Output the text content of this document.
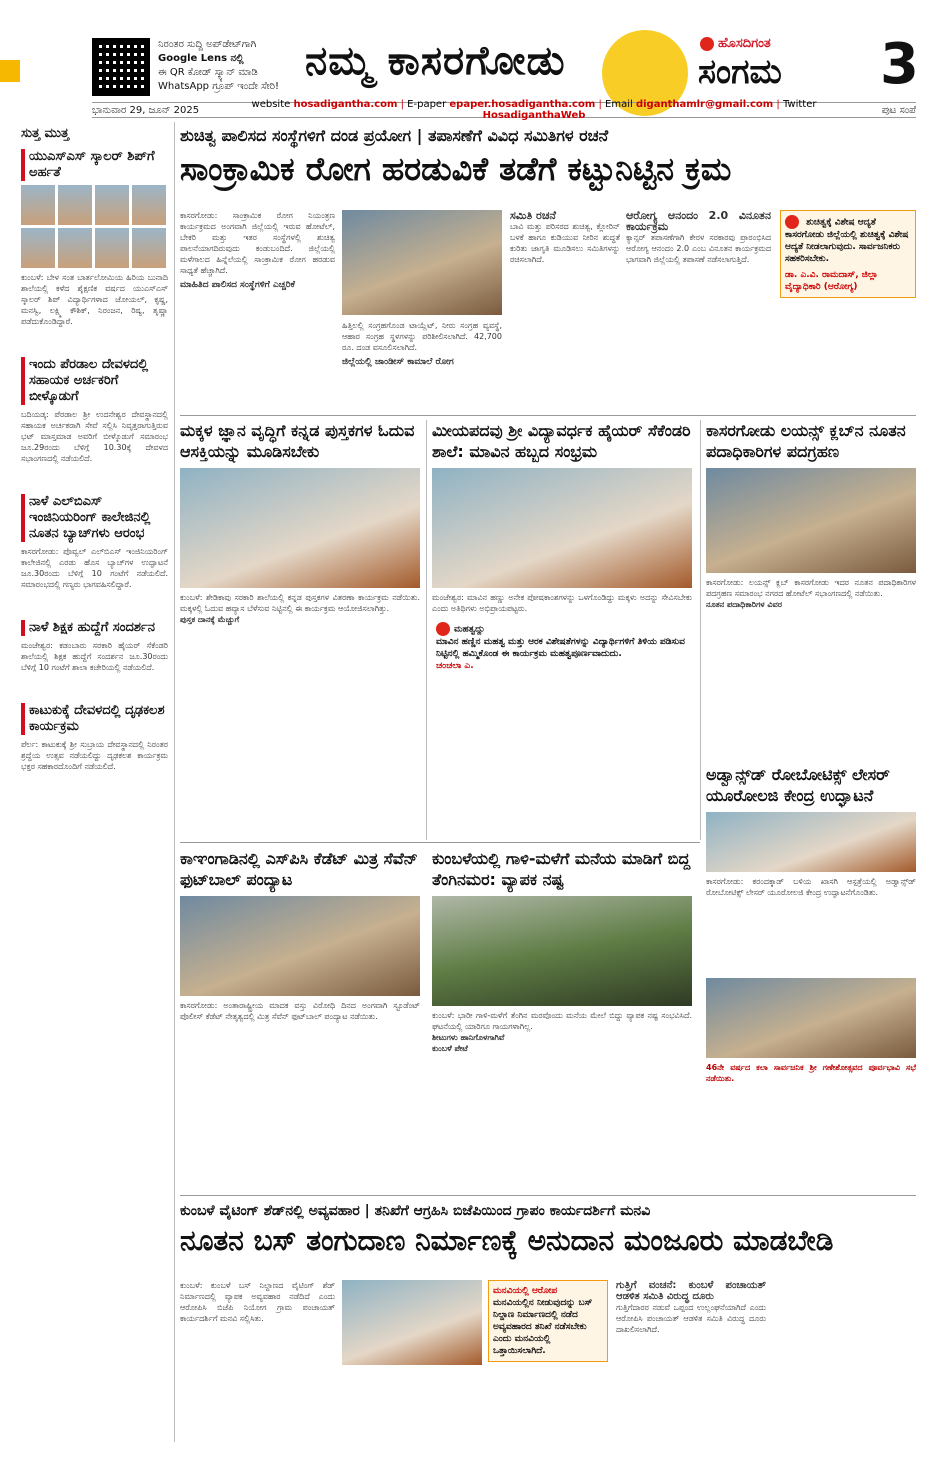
ನಿರಂತರ ಸುದ್ದಿ ಅಪ್‌ಡೇಟ್‌ಗಾಗಿ
Google Lens ನಲ್ಲಿ
ಈ QR ಕೋಡ್ ಸ್ಕ್ಯಾನ್ ಮಾಡಿ
WhatsApp ಗ್ರೂಪ್ ಇಂದೇ ಸೇರಿ!
ನಮ್ಮ ಕಾಸರಗೋಡು	ಹೊಸದಿಗಂತ
ಸಂಗಮ 3
ಭಾನುವಾರ 29, ಜೂನ್ 2025	website hosadigantha.com | E-paper epaper.hosadigantha.com | Email diganthamlr@gmail.com | Twitter HosadiganthaWeb	ಪುಟ ಸಂಪೆ
ಸುತ್ತ ಮುತ್ತ
ಯುಎಸ್‌ಎಸ್ ಸ್ಕಾಲರ್ ಶಿಪ್‌ಗೆ ಅರ್ಹತೆ
ಕುಂಬಳೆ: ಬೇಳ ಸಂತ ಬಾರ್ತಲೋಮಿಯ ಹಿರಿಯ ಬುನಾದಿ ಶಾಲೆಯಲ್ಲಿ ಕಳೆದ ಶೈಕ್ಷಣಿಕ ವರ್ಷದ ಯುಎಸ್‌ಎಸ್ ಸ್ಕಾಲರ್ ಶಿಪ್ ವಿದ್ಯಾರ್ಥಿಗಳಾದ ಜೋಯಲ್, ಕೃಷ್ಣ, ಮನಸ್ವಿ, ಲಕ್ಷ್ಮಿ ಕೌಶಿಕ್, ನಿರಂಜನ, ರಿಷ್ಯ, ತೃಷ್ಣಾ ಪಡೆದುಕೊಂಡಿದ್ದಾರೆ.
ಇಂದು ಪೆರಡಾಲ ದೇವಳದಲ್ಲಿ ಸಹಾಯಕ ಅರ್ಚಕರಿಗೆ ಬೀಳ್ಕೊಡುಗೆ
ಬದಿಯಡ್ಕ: ಪೆರಡಾಲ ಶ್ರೀ ಉದನೇಶ್ವರ ದೇವಸ್ಥಾನದಲ್ಲಿ ಸಹಾಯಕ ಅರ್ಚಕರಾಗಿ ಸೇವೆ ಸಲ್ಲಿಸಿ ನಿವೃತ್ತರಾಗುತ್ತಿರುವ ಭಟ್ ಮಾಸ್ತಮಾಡ ಅವರಿಗೆ ಬೀಳ್ಕೊಡುಗೆ ಸಮಾರಂಭ ಜೂ.29ರಂದು ಬೆಳಿಗ್ಗೆ 10.30ಕ್ಕೆ ದೇವಳದ ಸಭಾಂಗಣದಲ್ಲಿ ನಡೆಯಲಿದೆ.
ನಾಳೆ ಎಲ್‌ಬಿಎಸ್ ಇಂಜಿನಿಯರಿಂಗ್ ಕಾಲೇಜಿನಲ್ಲಿ ನೂತನ ಬ್ಯಾಚ್‌ಗಳು ಆರಂಭ
ಕಾಸರಗೋಡು: ಪೊವ್ವಲ್ ಎಲ್‌ಬಿಎಸ್ ಇಂಜಿನಿಯರಿಂಗ್ ಕಾಲೇಜಿನಲ್ಲಿ ಎರಡು ಹೊಸ ಬ್ಯಾಚ್‌ಗಳ ಉದ್ಘಾಟನೆ ಜೂ.30ರಂದು ಬೆಳಿಗ್ಗೆ 10 ಗಂಟೆಗೆ ನಡೆಯಲಿದೆ. ಸಮಾರಂಭದಲ್ಲಿ ಗಣ್ಯರು ಭಾಗವಹಿಸಲಿದ್ದಾರೆ.
ನಾಳೆ ಶಿಕ್ಷಕ ಹುದ್ದೆಗೆ ಸಂದರ್ಶನ
ಮಂಜೇಶ್ವರ: ಕಡಂಬಾರು ಸರಕಾರಿ ಹೈಯರ್ ಸೆಕೆಂಡರಿ ಶಾಲೆಯಲ್ಲಿ ಶಿಕ್ಷಕ ಹುದ್ದೆಗೆ ಸಂದರ್ಶನ ಜೂ.30ರಂದು ಬೆಳಿಗ್ಗೆ 10 ಗಂಟೆಗೆ ಶಾಲಾ ಕಚೇರಿಯಲ್ಲಿ ನಡೆಯಲಿದೆ.
ಕಾಟುಕುಕ್ಕೆ ದೇವಳದಲ್ಲಿ ದೃಢಕಲಶ ಕಾರ್ಯಕ್ರಮ
ಪೆರ್ಲ: ಕಾಟುಕುಕ್ಕೆ ಶ್ರೀ ಸುಬ್ರಾಯ ದೇವಸ್ಥಾನದಲ್ಲಿ ನಿರಂತರ ಶ್ರದ್ಧೆಯ ಉತ್ಸವ ನಡೆಯಲಿದ್ದು ದೃಢಕಲಶ ಕಾರ್ಯಕ್ರಮ ಭಕ್ತರ ಸಹಕಾರದೊಂದಿಗೆ ನಡೆಯಲಿದೆ.
ಶುಚಿತ್ವ ಪಾಲಿಸದ ಸಂಸ್ಥೆಗಳಿಗೆ ದಂಡ ಪ್ರಯೋಗ | ತಪಾಸಣೆಗೆ ವಿವಿಧ ಸಮಿತಿಗಳ ರಚನೆ
ಸಾಂಕ್ರಾಮಿಕ ರೋಗ ಹರಡುವಿಕೆ ತಡೆಗೆ ಕಟ್ಟುನಿಟ್ಟಿನ ಕ್ರಮ
ಕಾಸರಗೋಡು: ಸಾಂಕ್ರಾಮಿಕ ರೋಗ ನಿಯಂತ್ರಣ ಕಾರ್ಯಕ್ರಮದ ಅಂಗವಾಗಿ ಜಿಲ್ಲೆಯಲ್ಲಿ ಇರುವ ಹೋಟೆಲ್, ಬೇಕರಿ ಮತ್ತು ಇತರ ಸಂಸ್ಥೆಗಳಲ್ಲಿ ಶುಚಿತ್ವ ಪಾಲನೆಯಾಗದಿರುವುದು ಕಂಡುಬಂದಿದೆ. ಜಿಲ್ಲೆಯಲ್ಲಿ ಮಳೆಗಾಲದ ಹಿನ್ನೆಲೆಯಲ್ಲಿ ಸಾಂಕ್ರಾಮಿಕ ರೋಗ ಹರಡುವ ಸಾಧ್ಯತೆ ಹೆಚ್ಚಾಗಿದೆ.
ಮಾಹಿತಿದ ಪಾಲಿಸದ ಸಂಸ್ಥೆಗಳಿಗೆ ಎಚ್ಚರಿಕೆ
ಹಿತ್ತಿಲಲ್ಲಿ ಸಂಗ್ರಹಗೊಂಡ ಟಾಯ್ಲೆಟ್, ನೀರು ಸಂಗ್ರಹ ವ್ಯವಸ್ಥೆ, ಆಹಾರ ಸಂಗ್ರಹ ಸ್ಥಳಗಳನ್ನು ಪರಿಶೀಲಿಸಲಾಗಿದೆ. 42,700 ರೂ. ದಂಡ ವಸೂಲಿಸಲಾಗಿದೆ.
ಜಿಲ್ಲೆಯಲ್ಲಿ ಜಾಂಡೀಸ್ ಕಾಮಾಲೆ ರೋಗ
ಸಮಿತಿ ರಚನೆ
ಬಾವಿ ಮತ್ತು ಪರಿಸರದ ಶುಚಿತ್ವ, ಕ್ಲೋರಿನ್ ಬಳಕೆ ಹಾಗೂ ಕುಡಿಯುವ ನೀರಿನ ಶುದ್ಧತೆ ಕುರಿತು ಜಾಗೃತಿ ಮೂಡಿಸಲು ಸಮಿತಿಗಳನ್ನು ರಚಿಸಲಾಗಿದೆ.
ಆರೋಗ್ಯ ಆನಂದಂ 2.0 ವಿನೂತನ ಕಾರ್ಯಕ್ರಮ
ಕ್ಯಾನ್ಸರ್ ತಪಾಸಣೆಗಾಗಿ ಕೇರಳ ಸರಕಾರವು ಪ್ರಾರಂಭಿಸಿದ ಆರೋಗ್ಯ ಆನಂದಂ 2.0 ಎಂಬ ವಿನೂತನ ಕಾರ್ಯಕ್ರಮದ ಭಾಗವಾಗಿ ಜಿಲ್ಲೆಯಲ್ಲಿ ತಪಾಸಣೆ ನಡೆಸಲಾಗುತ್ತಿದೆ.
ಶುಚಿತ್ವಕ್ಕೆ ವಿಶೇಷ ಆದ್ಯತೆ ಕಾಸರಗೋಡು ಜಿಲ್ಲೆಯಲ್ಲಿ ಶುಚಿತ್ವಕ್ಕೆ ವಿಶೇಷ ಆದ್ಯತೆ ನೀಡಲಾಗುವುದು. ಸಾರ್ವಜನಿಕರು ಸಹಕರಿಸಬೇಕು.
ಡಾ. ಎ.ವಿ. ರಾಮದಾಸ್, ಜಿಲ್ಲಾ ವೈದ್ಯಾಧಿಕಾರಿ (ಆರೋಗ್ಯ)
ಮಕ್ಕಳ ಜ್ಞಾನ ವೃದ್ಧಿಗೆ ಕನ್ನಡ ಪುಸ್ತಕಗಳ ಓದುವ ಆಸಕ್ತಿಯನ್ನು ಮೂಡಿಸಬೇಕು
ಕುಂಬಳೆ: ಶೇಡಿಕಾವು ಸರಕಾರಿ ಶಾಲೆಯಲ್ಲಿ ಕನ್ನಡ ಪುಸ್ತಕಗಳ ವಿತರಣಾ ಕಾರ್ಯಕ್ರಮ ನಡೆಯಿತು. ಮಕ್ಕಳಲ್ಲಿ ಓದುವ ಹವ್ಯಾಸ ಬೆಳೆಸುವ ನಿಟ್ಟಿನಲ್ಲಿ ಈ ಕಾರ್ಯಕ್ರಮ ಆಯೋಜಿಸಲಾಗಿತ್ತು.
ಪುಸ್ತಕ ದಾನಕ್ಕೆ ಮೆಚ್ಚುಗೆ
ಮೀಯಪದವು ಶ್ರೀ ವಿದ್ಯಾವರ್ಧಕ ಹೈಯರ್ ಸೆಕೆಂಡರಿ ಶಾಲೆ: ಮಾವಿನ ಹಬ್ಬದ ಸಂಭ್ರಮ
ಮಂಜೇಶ್ವರ: ಮಾವಿನ ಹಣ್ಣು ಅನೇಕ ಪೋಷಕಾಂಶಗಳನ್ನು ಒಳಗೊಂಡಿದ್ದು ಮಕ್ಕಳು ಅದನ್ನು ಸೇವಿಸಬೇಕು ಎಂದು ಅತಿಥಿಗಳು ಅಭಿಪ್ರಾಯಪಟ್ಟರು.
ಮಹತ್ವದ್ದು
ಮಾವಿನ ಹಣ್ಣಿನ ಮಹತ್ವ ಮತ್ತು ಆರಕ ವಿಶೇಷತೆಗಳನ್ನು ವಿದ್ಯಾರ್ಥಿಗಳಿಗೆ ತಿಳಿಯ ಪಡಿಸುವ ನಿಟ್ಟಿನಲ್ಲಿ ಹಮ್ಮಿಕೊಂಡ ಈ ಕಾರ್ಯಕ್ರಮ ಮಹತ್ವಪೂರ್ಣವಾದುದು.
ಚಂಚಲಾ ಎ.
ಕಾಸರಗೋಡು ಲಯನ್ಸ್ ಕ್ಲಬ್‌ನ ನೂತನ ಪದಾಧಿಕಾರಿಗಳ ಪದಗ್ರಹಣ
ಕಾಸರಗೋಡು: ಲಯನ್ಸ್ ಕ್ಲಬ್ ಕಾಸರಗೋಡು ಇದರ ನೂತನ ಪದಾಧಿಕಾರಿಗಳ ಪದಗ್ರಹಣ ಸಮಾರಂಭ ನಗರದ ಹೋಟೆಲ್ ಸಭಾಂಗಣದಲ್ಲಿ ನಡೆಯಿತು.
ನೂತನ ಪದಾಧಿಕಾರಿಗಳ ವಿವರ
ಕಾಞಂಗಾಡಿನಲ್ಲಿ ಎಸ್‌ಪಿಸಿ ಕೆಡೆಟ್ ಮಿತ್ರ ಸೆವೆನ್ ಫುಟ್‌ಬಾಲ್ ಪಂದ್ಯಾಟ
ಕಾಸರಗೋಡು: ಅಂತಾರಾಷ್ಟ್ರೀಯ ಮಾದಕ ವಸ್ತು ವಿರೋಧಿ ದಿನದ ಅಂಗವಾಗಿ ಸ್ಟೂಡೆಂಟ್ ಪೊಲೀಸ್ ಕೆಡೆಟ್ ನೇತೃತ್ವದಲ್ಲಿ ಮಿತ್ರ ಸೆವೆನ್ ಫುಟ್‌ಬಾಲ್ ಪಂದ್ಯಾಟ ನಡೆಯಿತು.
ಕುಂಬಳೆಯಲ್ಲಿ ಗಾಳಿ-ಮಳೆಗೆ ಮನೆಯ ಮಾಡಿಗೆ ಬಿದ್ದ ತೆಂಗಿನಮರ: ವ್ಯಾಪಕ ನಷ್ಟ
ಕುಂಬಳೆ: ಭಾರೀ ಗಾಳಿ-ಮಳೆಗೆ ತೆಂಗಿನ ಮರವೊಂದು ಮನೆಯ ಮೇಲೆ ಬಿದ್ದು ವ್ಯಾಪಕ ನಷ್ಟ ಸಂಭವಿಸಿದೆ. ಘಟನೆಯಲ್ಲಿ ಯಾರಿಗೂ ಗಾಯಗಳಾಗಿಲ್ಲ.
ಶೀಟುಗಳು ಹಾನಿಗೊಳಗಾಗಿವೆ
ಕುಂಬಳೆ ಪೇಟೆ
ಅಡ್ವಾನ್ಸ್‌ಡ್ ರೋಬೋಟಿಕ್ಸ್ ಲೇಸರ್ ಯೂರೋಲಜಿ ಕೇಂದ್ರ ಉದ್ಘಾಟನೆ
ಕಾಸರಗೋಡು: ಕರಂದಕ್ಕಾಡ್ ಬಳಿಯ ಖಾಸಗಿ ಆಸ್ಪತ್ರೆಯಲ್ಲಿ ಅಡ್ವಾನ್ಸ್‌ಡ್ ರೋಬೋಟಿಕ್ಸ್ ಲೇಸರ್ ಯೂರೋಲಜಿ ಕೇಂದ್ರ ಉದ್ಘಾಟನೆಗೊಂಡಿತು.
46ನೇ ವರ್ಷದ ಕಲಾ ಸಾರ್ವಜನಿಕ ಶ್ರೀ ಗಣೇಶೋತ್ಸವದ ಪೂರ್ವಭಾವಿ ಸಭೆ ನಡೆಯಿತು.
ಕುಂಬಳೆ ವೈಟಿಂಗ್ ಶೆಡ್‌ನಲ್ಲಿ ಅವ್ಯವಹಾರ | ತನಿಖೆಗೆ ಆಗ್ರಹಿಸಿ ಬಿಜೆಪಿಯಿಂದ ಗ್ರಾಪಂ ಕಾರ್ಯದರ್ಶಿಗೆ ಮನವಿ
ನೂತನ ಬಸ್ ತಂಗುದಾಣ ನಿರ್ಮಾಣಕ್ಕೆ ಅನುದಾನ ಮಂಜೂರು ಮಾಡಬೇಡಿ
ಕುಂಬಳೆ: ಕುಂಬಳೆ ಬಸ್ ನಿಲ್ದಾಣದ ವೈಟಿಂಗ್ ಶೆಡ್ ನಿರ್ಮಾಣದಲ್ಲಿ ವ್ಯಾಪಕ ಅವ್ಯವಹಾರ ನಡೆದಿದೆ ಎಂದು ಆರೋಪಿಸಿ ಬಿಜೆಪಿ ನಿಯೋಗ ಗ್ರಾಮ ಪಂಚಾಯತ್ ಕಾರ್ಯದರ್ಶಿಗೆ ಮನವಿ ಸಲ್ಲಿಸಿತು.
ಮನವಿಯಲ್ಲಿ ಆರೋಪ
ಮನವಿಯಲ್ಲಿನ ನೀಡುವುದನ್ನು ಬಸ್ ನಿಲ್ದಾಣ ನಿರ್ಮಾಣದಲ್ಲಿ ನಡೆದ ಅವ್ಯವಹಾರದ ತನಿಖೆ ನಡೆಸಬೇಕು ಎಂದು ಮನವಿಯಲ್ಲಿ ಒತ್ತಾಯಿಸಲಾಗಿದೆ.
ಗುತ್ತಿಗೆ ವಂಚನೆ: ಕುಂಬಳೆ ಪಂಚಾಯತ್ ಆಡಳಿತ ಸಮಿತಿ ವಿರುದ್ಧ ದೂರು
ಗುತ್ತಿಗೆದಾರರ ನಡುವೆ ಒಪ್ಪಂದ ಉಲ್ಲಂಘನೆಯಾಗಿದೆ ಎಂದು ಆರೋಪಿಸಿ ಪಂಚಾಯತ್ ಆಡಳಿತ ಸಮಿತಿ ವಿರುದ್ಧ ದೂರು ದಾಖಲಿಸಲಾಗಿದೆ.
